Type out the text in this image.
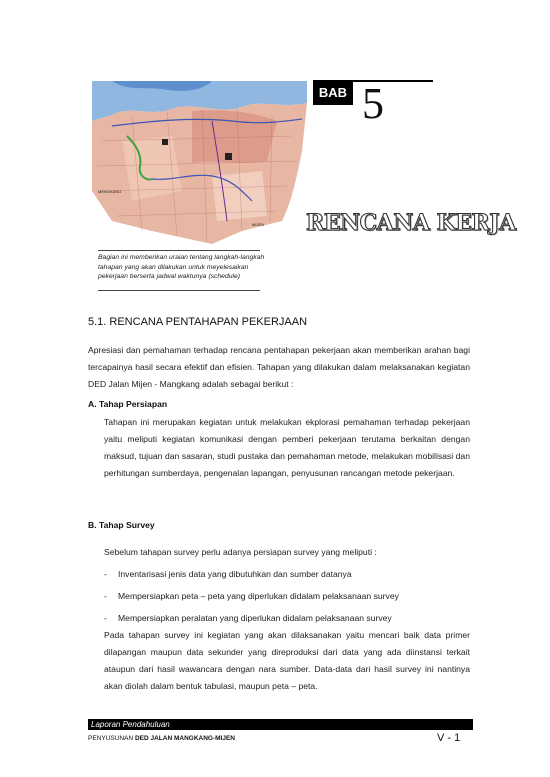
MENGKANG
MIJEN
BAB 5
RENCANA KERJA
Bagian ini memberikan uraian tentang langkah-langkah tahapan yang akan dilakukan untuk meyelesaikan pekerjaan berserta jadwal waktunya (schedule)
5.1. RENCANA PENTAHAPAN PEKERJAAN
Apresiasi dan pemahaman terhadap rencana pentahapan pekerjaan akan memberikan arahan bagi tercapainya hasil secara efektif dan efisien. Tahapan yang dilakukan dalam melaksanakan kegiatan DED Jalan Mijen - Mangkang adalah sebagai berikut :
A. Tahap Persiapan
Tahapan ini merupakan kegiatan untuk melakukan ekplorasi pemahaman terhadap pekerjaan yaitu meliputi kegiatan komunikasi dengan pemberi pekerjaan terutama berkaitan dengan maksud, tujuan dan sasaran, studi pustaka dan pemahaman metode, melakukan mobilisasi dan perhitungan sumberdaya, pengenalan lapangan, penyusunan rancangan metode pekerjaan.
B. Tahap Survey
Sebelum tahapan survey perlu adanya persiapan survey yang meliputi :
- Inventarisasi jenis data yang dibutuhkan dan sumber datanya
- Mempersiapkan peta – peta yang diperlukan didalam pelaksanaan survey
- Mempersiapkan peralatan yang diperlukan didalam pelaksanaan survey
Pada tahapan survey ini kegiatan yang akan dilaksanakan yaitu mencari baik data primer dilapangan maupun data sekunder yang direproduksi dari data yang ada diinstansi terkait ataupun dari hasil wawancara dengan nara sumber. Data-data dari hasil survey ini nantinya akan diolah dalam bentuk tabulasi, maupun peta – peta.
Laporan Pendahuluan
PENYUSUNAN DED JALAN MANGKANG-MIJEN	V - 1
